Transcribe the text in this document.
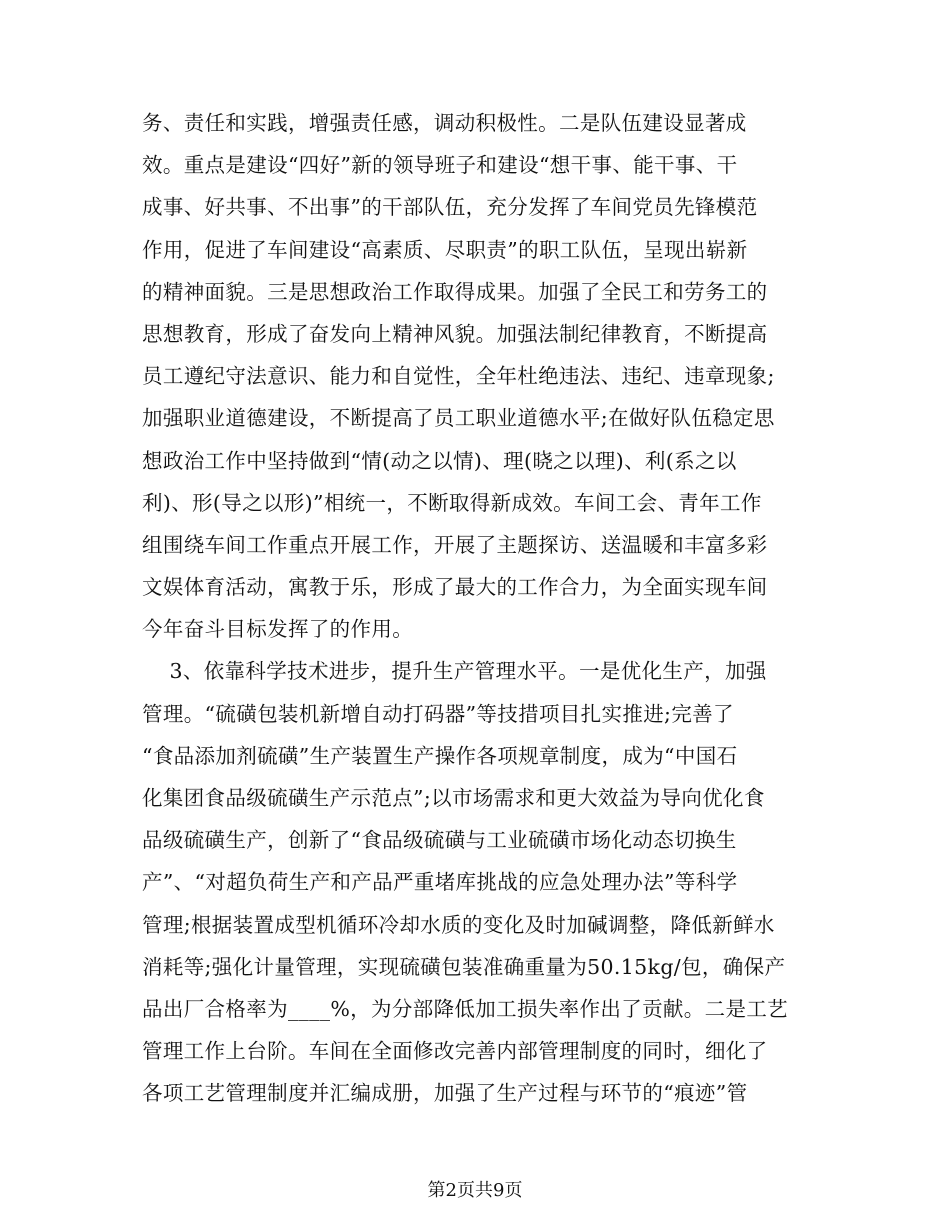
务、责任和实践，增强责任感，调动积极性。二是队伍建设显著成
效。重点是建设“四好”新的领导班子和建设“想干事、能干事、干
成事、好共事、不出事”的干部队伍，充分发挥了车间党员先锋模范
作用，促进了车间建设“高素质、尽职责”的职工队伍，呈现出崭新
的精神面貌。三是思想政治工作取得成果。加强了全民工和劳务工的
思想教育，形成了奋发向上精神风貌。加强法制纪律教育，不断提高
员工遵纪守法意识、能力和自觉性，全年杜绝违法、违纪、违章现象;
加强职业道德建设，不断提高了员工职业道德水平;在做好队伍稳定思
想政治工作中坚持做到“情(动之以情)、理(晓之以理)、利(系之以
利)、形(导之以形)”相统一，不断取得新成效。车间工会、青年工作
组围绕车间工作重点开展工作，开展了主题探访、送温暖和丰富多彩
文娱体育活动，寓教于乐，形成了最大的工作合力，为全面实现车间
今年奋斗目标发挥了的作用。
3、依靠科学技术进步，提升生产管理水平。一是优化生产，加强
管理。“硫磺包装机新增自动打码器”等技措项目扎实推进;完善了
“食品添加剂硫磺”生产装置生产操作各项规章制度，成为“中国石
化集团食品级硫磺生产示范点”;以市场需求和更大效益为导向优化食
品级硫磺生产，创新了“食品级硫磺与工业硫磺市场化动态切换生
产”、“对超负荷生产和产品严重堵库挑战的应急处理办法”等科学
管理;根据装置成型机循环冷却水质的变化及时加碱调整，降低新鲜水
消耗等;强化计量管理，实现硫磺包装准确重量为50.15kg/包，确保产
品出厂合格率为____%，为分部降低加工损失率作出了贡献。二是工艺
管理工作上台阶。车间在全面修改完善内部管理制度的同时，细化了
各项工艺管理制度并汇编成册，加强了生产过程与环节的“痕迹”管
第2页共9页
